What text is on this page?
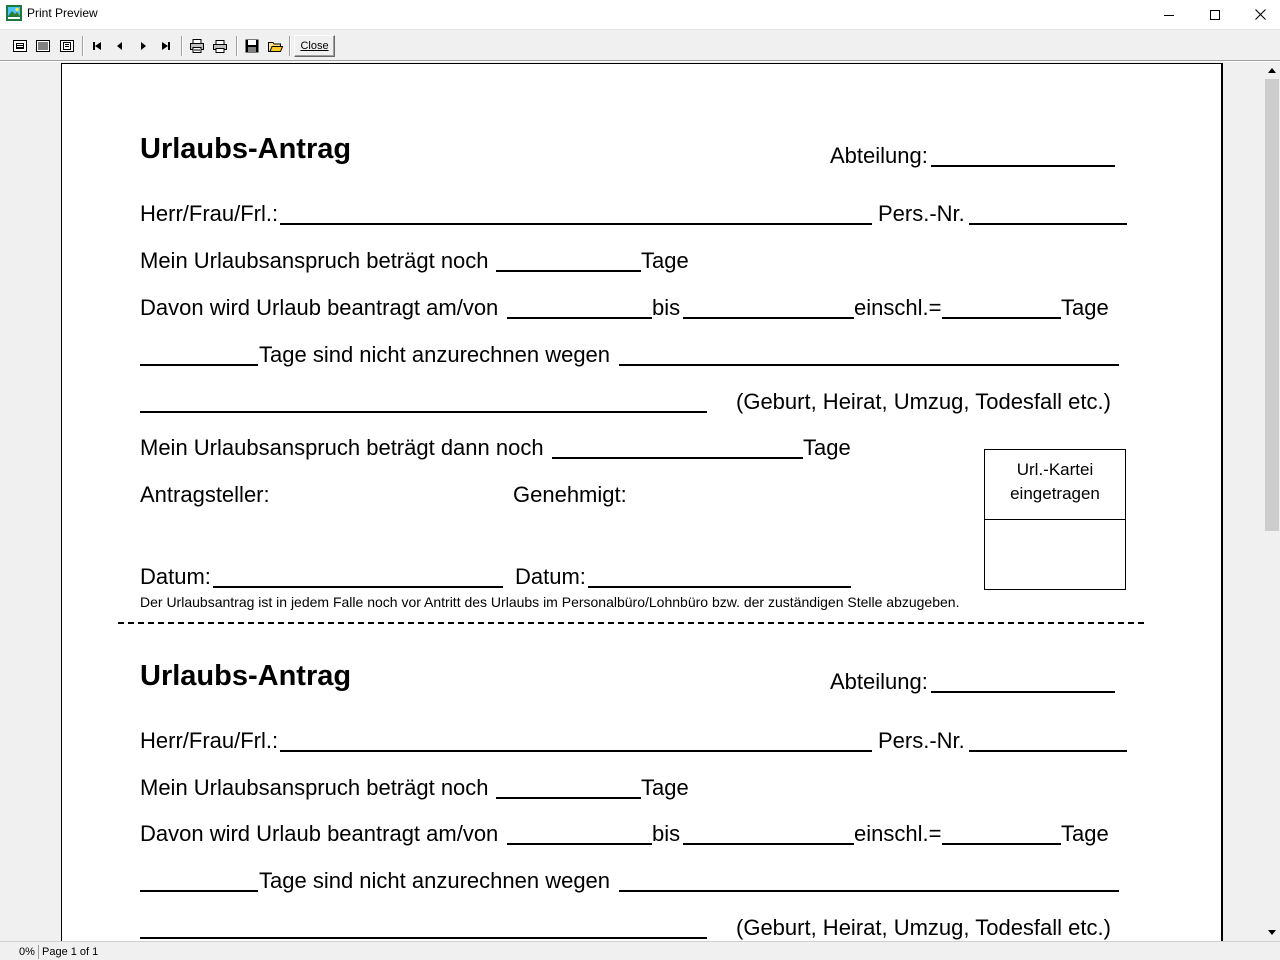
Print Preview
Close
Urlaubs-Antrag	Abteilung:
Herr/Frau/Frl.:	Pers.-Nr.
Mein Urlaubsanspruch beträgt noch	Tage
Davon wird Urlaub beantragt am/von	bis	einschl.=	Tage
Tage sind nicht anzurechnen wegen
(Geburt, Heirat, Umzug, Todesfall etc.)
Mein Urlaubsanspruch beträgt dann noch	Tage
Antragsteller:	Genehmigt:
Datum:	Datum:
Url.-Kartei
eingetragen
Der Urlaubsantrag ist in jedem Falle noch vor Antritt des Urlaubs im Personalbüro/Lohnbüro bzw. der zuständigen Stelle abzugeben.
Urlaubs-Antrag	Abteilung:
Herr/Frau/Frl.:	Pers.-Nr.
Mein Urlaubsanspruch beträgt noch	Tage
Davon wird Urlaub beantragt am/von	bis	einschl.=	Tage
Tage sind nicht anzurechnen wegen
(Geburt, Heirat, Umzug, Todesfall etc.)
0% Page 1 of 1
